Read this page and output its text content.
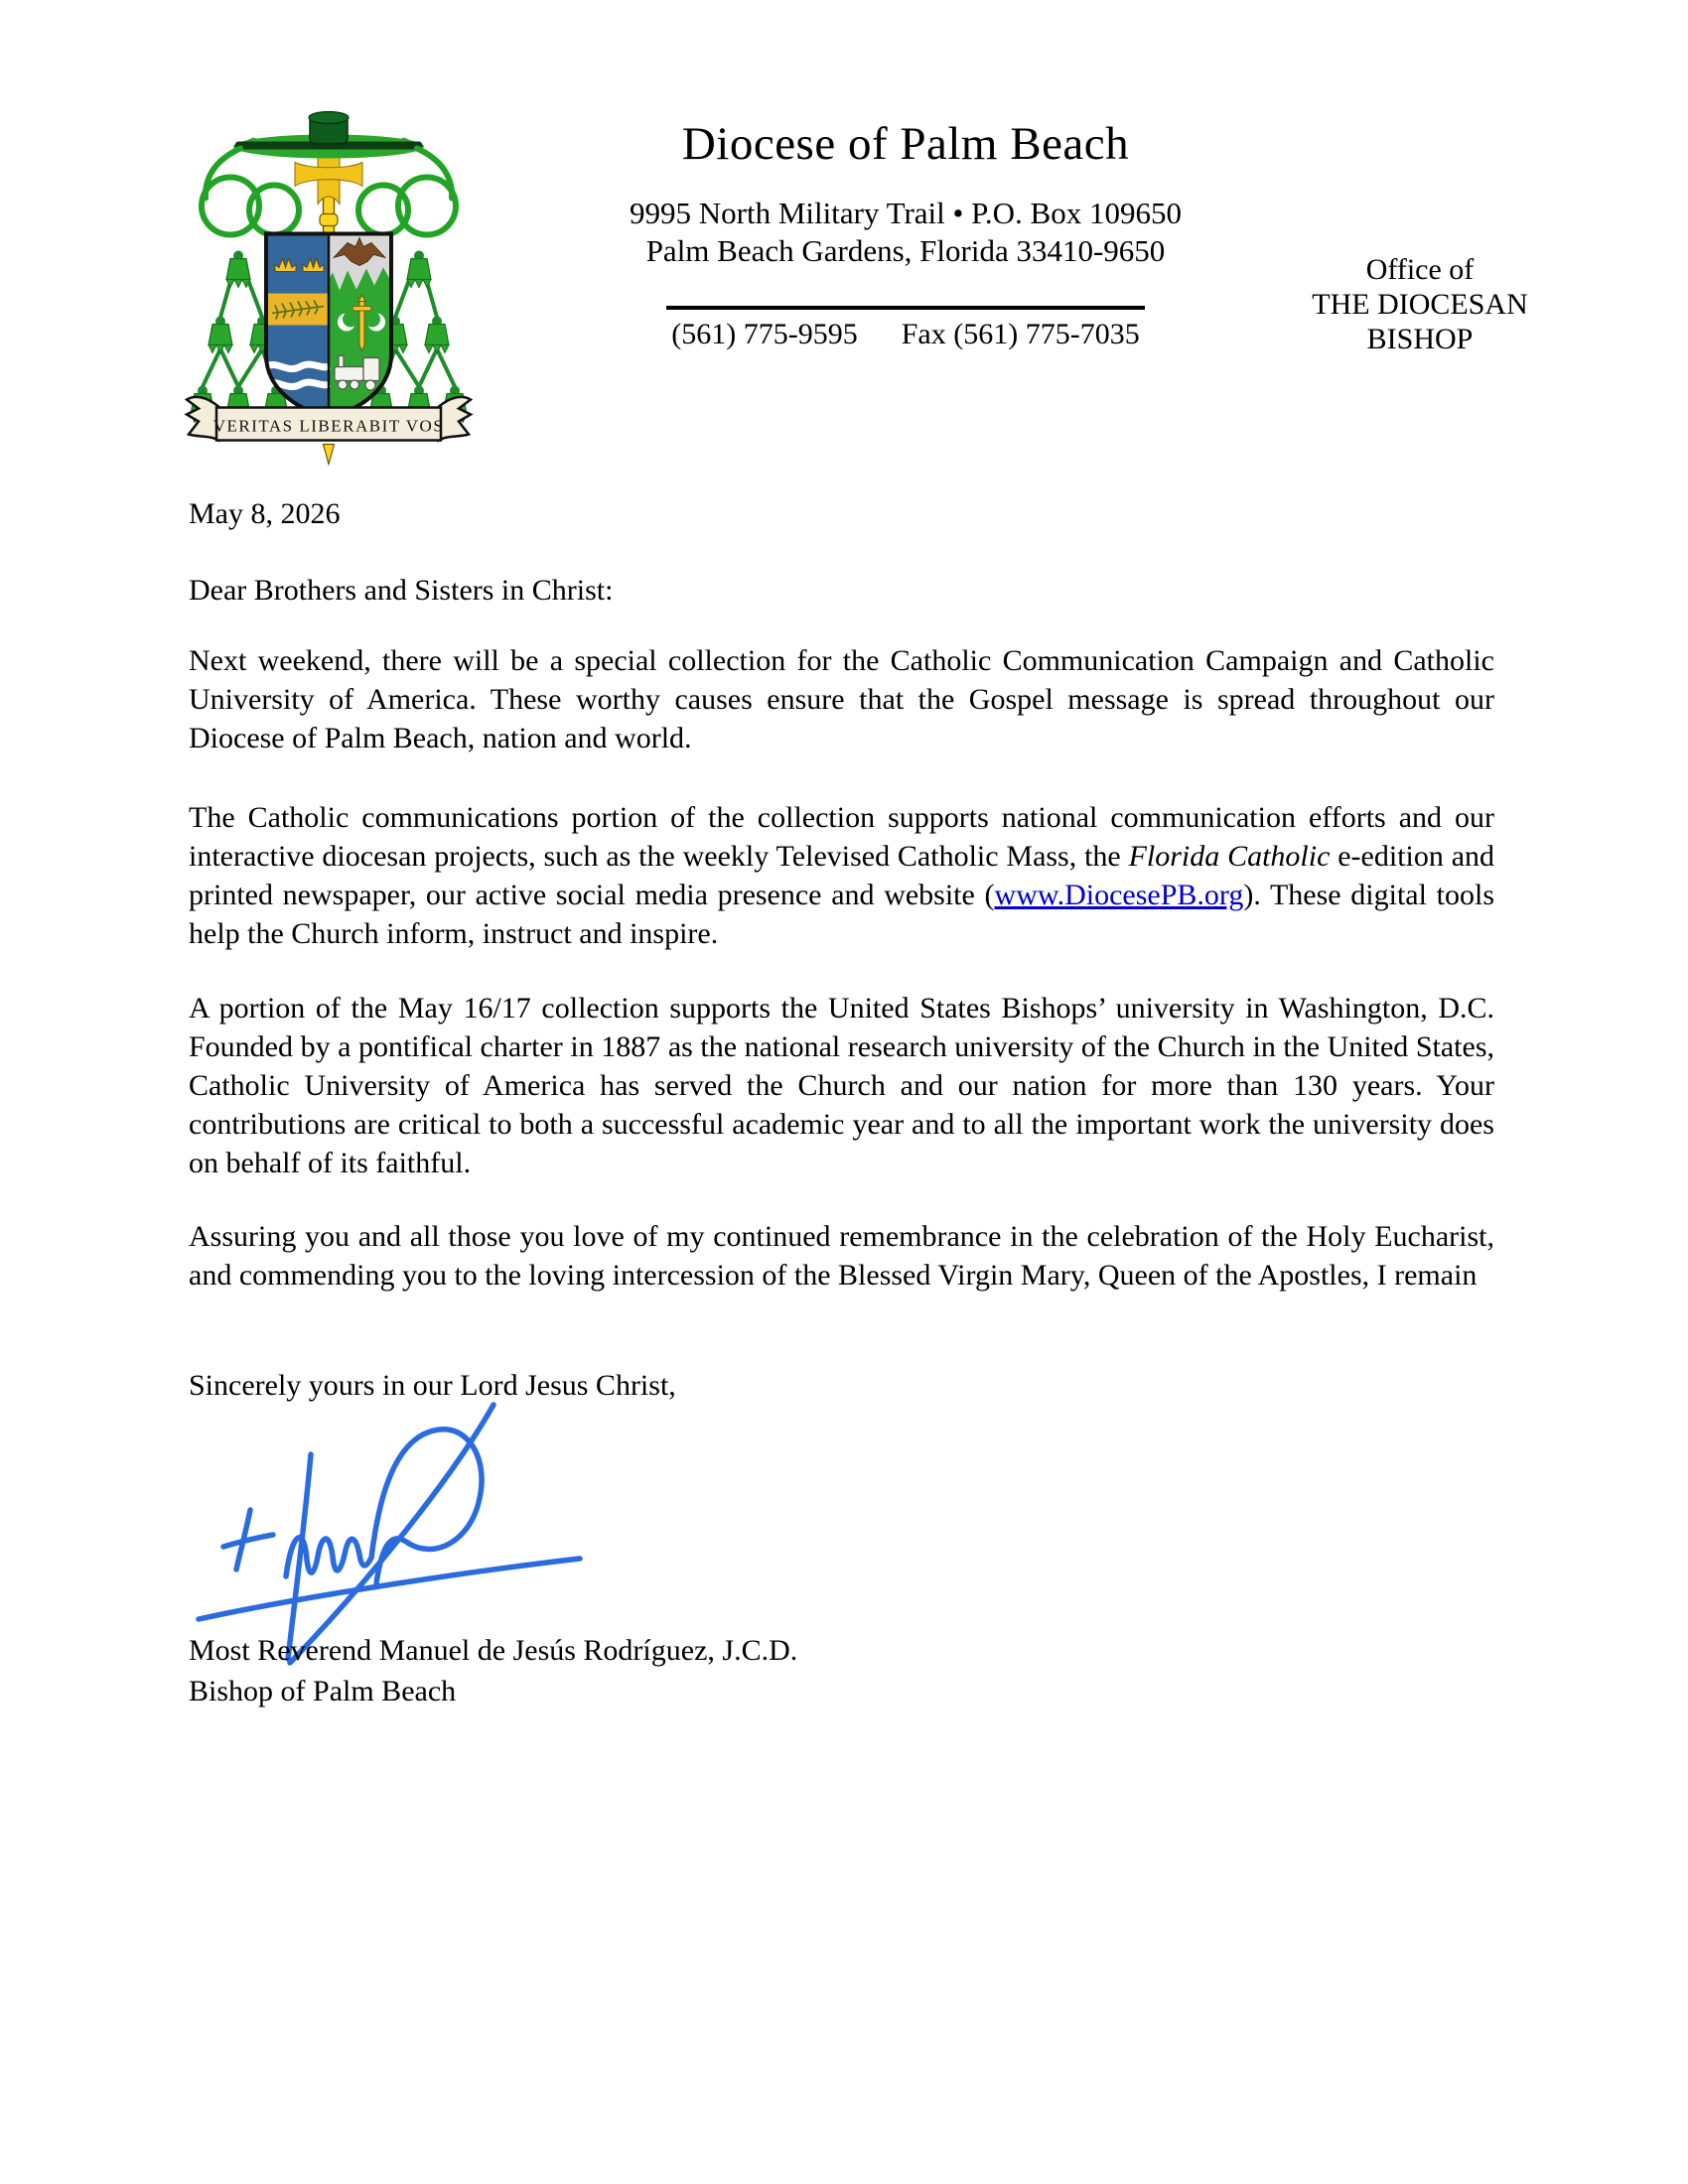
VERITAS LIBERABIT VOS
Diocese of Palm Beach
9995 North Military Trail • P.O. Box 109650
Palm Beach Gardens, Florida 33410-9650
(561) 775-9595 Fax (561) 775-7035
Office of
THE DIOCESAN
BISHOP
May 8, 2026
Dear Brothers and Sisters in Christ:

Next weekend, there will be a special collection for the Catholic Communication Campaign and Catholic University of America. These worthy causes ensure that the Gospel message is spread throughout our Diocese of Palm Beach, nation and world.

The Catholic communications portion of the collection supports national communication efforts and our interactive diocesan projects, such as the weekly Televised Catholic Mass, the Florida Catholic e-edition and printed newspaper, our active social media presence and website (www.DiocesePB.org). These digital tools help the Church inform, instruct and inspire.

A portion of the May 16/17 collection supports the United States Bishops’ university in Washington, D.C. Founded by a pontifical charter in 1887 as the national research university of the Church in the United States, Catholic University of America has served the Church and our nation for more than 130 years. Your contributions are critical to both a successful academic year and to all the important work the university does on behalf of its faithful.

Assuring you and all those you love of my continued remembrance in the celebration of the Holy Eucharist, and commending you to the loving intercession of the Blessed Virgin Mary, Queen of the Apostles, I remain

Sincerely yours in our Lord Jesus Christ,
Most Reverend Manuel de Jesús Rodríguez, J.C.D.
Bishop of Palm Beach
